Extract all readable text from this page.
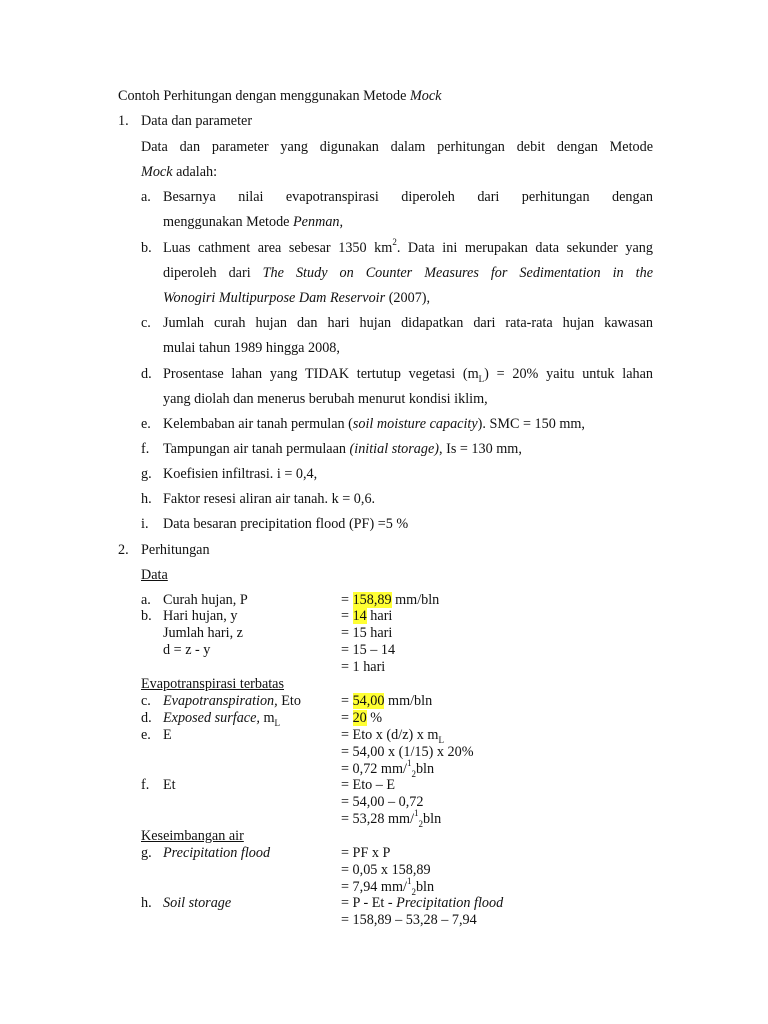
Contoh Perhitungan dengan menggunakan Metode Mock
1. Data dan parameter
Data dan parameter yang digunakan dalam perhitungan debit dengan Metode
Mock adalah:
a. Besarnya nilai evapotranspirasi diperoleh dari perhitungan dengan
menggunakan Metode Penman,
b. Luas cathment area sebesar 1350 $km^2$. Data ini merupakan data sekunder yang
diperoleh dari The Study on Counter Measures for Sedimentation in the
Wonogiri Multipurpose Dam Reservoir (2007),
c. Jumlah curah hujan dan hari hujan didapatkan dari rata-rata hujan kawasan
mulai tahun 1989 hingga 2008,
d. Prosentase lahan yang TIDAK tertutup vegetasi $(m_L) = 20\%$ yaitu untuk lahan
yang diolah dan menerus berubah menurut kondisi iklim,
e. Kelembaban air tanah permulan (soil moisture capacity). SMC = 150 mm,
f. Tampungan air tanah permulaan (initial storage), Is = 130 mm,
g. Koefisien infiltrasi. i = 0,4,
h. Faktor resesi aliran air tanah. k = 0,6.
i. Data besaran precipitation flood (PF) =5 %
2. Perhitungan
Data
a. Curah hujan, P	= 158,89 mm/bln
b. Hari hujan, y	= 14 hari
Jumlah hari, z	= 15 hari
d = z - y	= 15 – 14
= 1 hari
Evapotranspirasi terbatas
c. Evapotranspiration, Eto	= 54,00 mm/bln
d. Exposed surface, $m_L$	= 20 %
e. E	= Eto x (d/z) x $m_L$
= 54,00 x (1/15) x 20%
= 0,72 mm/$^1_2$bln
f. Et	= Eto – E
= 54,00 – 0,72
= 53,28 mm/$^1_2$bln
Keseimbangan air
g. Precipitation flood	= PF x P
= 0,05 x 158,89
= 7,94 mm/$^1_2$bln
h. Soil storage	= P - Et - Precipitation flood
= 158,89 – 53,28 – 7,94
